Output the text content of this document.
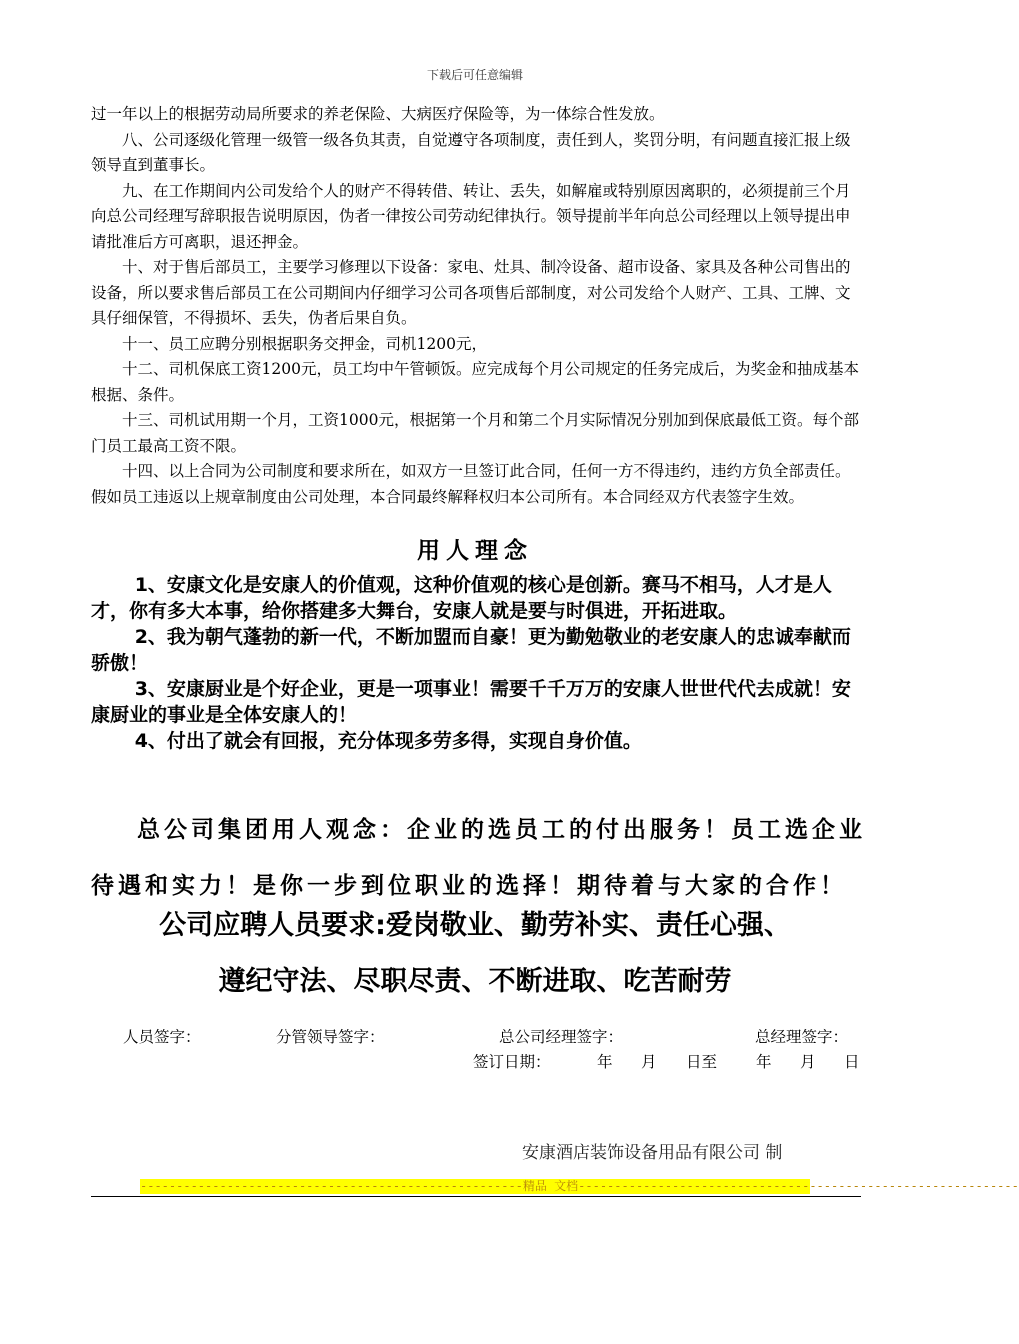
下载后可任意编辑

过一年以上的根据劳动局所要求的养老保险、大病医疗保险等，为一体综合性发放。

八、公司逐级化管理一级管一级各负其责，自觉遵守各项制度，责任到人，奖罚分明，有问题直接汇报上级领导直到董事长。

九、在工作期间内公司发给个人的财产不得转借、转让、丢失，如解雇或特别原因离职的，必须提前三个月向总公司经理写辞职报告说明原因，伪者一律按公司劳动纪律执行。领导提前半年向总公司经理以上领导提出申请批准后方可离职，退还押金。

十、对于售后部员工，主要学习修理以下设备：家电、灶具、制冷设备、超市设备、家具及各种公司售出的设备，所以要求售后部员工在公司期间内仔细学习公司各项售后部制度，对公司发给个人财产、工具、工牌、文具仔细保管，不得损坏、丢失，伪者后果自负。

十一、员工应聘分别根据职务交押金，司机1200元，

十二、司机保底工资1200元，员工均中午管顿饭。应完成每个月公司规定的任务完成后，为奖金和抽成基本根据、条件。

十三、司机试用期一个月，工资1000元，根据第一个月和第二个月实际情况分别加到保底最低工资。每个部门员工最高工资不限。

十四、以上合同为公司制度和要求所在，如双方一旦签订此合同，任何一方不得违约，违约方负全部责任。假如员工违返以上规章制度由公司处理，本合同最终解释权归本公司所有。本合同经双方代表签字生效。

用人理念

1、安康文化是安康人的价值观，这种价值观的核心是创新。赛马不相马，人才是人才，你有多大本事，给你搭建多大舞台，安康人就是要与时俱进，开拓进取。

2、我为朝气蓬勃的新一代，不断加盟而自豪！更为勤勉敬业的老安康人的忠诚奉献而骄傲！

3、安康厨业是个好企业，更是一项事业！需要千千万万的安康人世世代代去成就！安康厨业的事业是全体安康人的！

4、付出了就会有回报，充分体现多劳多得，实现自身价值。

总公司集团用人观念：企业的选员工的付出服务！员工选企业待遇和实力！是你一步到位职业的选择！期待着与大家的合作！

公司应聘人员要求:爱岗敬业、勤劳补实、责任心强、
遵纪守法、尽职尽责、不断进取、吃苦耐劳
人员签字：	分管领导签字：	总公司经理签字：	总经理签字：
签订日期：	年 月 日至	年 月 日
安康酒店装饰设备用品有限公司 制
-----------------------------------------------------精品 文档-------------------------------------------------------------
